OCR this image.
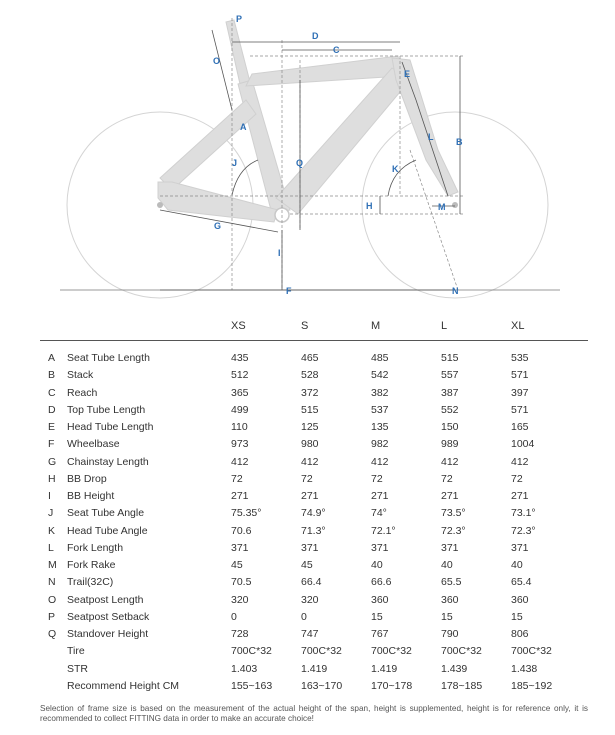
P
D
C
O
E
A
B
L
Q
J
K
H	M
G
I
F	N
XS	S	M	L	XL
A Seat Tube Length	435	465	485	515	535
B Stack	512	528	542	557	571
C Reach	365	372	382	387	397
D Top Tube Length	499	515	537	552	571
E Head Tube Length	110	125	135	150	165
F Wheelbase	973	980	982	989	1004
G Chainstay Length	412	412	412	412	412
H BB Drop	72	72	72	72	72
I BB Height	271	271	271	271	271
J Seat Tube Angle	75.35°	74.9°	74°	73.5°	73.1°
K Head Tube Angle	70.6	71.3°	72.1°	72.3°	72.3°
L Fork Length	371	371	371	371	371
M Fork Rake	45	45	40	40	40
N Trail(32C)	70.5	66.4	66.6	65.5	65.4
O Seatpost Length	320	320	360	360	360
P Seatpost Setback	0	0	15	15	15
Q Standover Height	728	747	767	790	806
Tire	700C*32	700C*32	700C*32	700C*32	700C*32
STR	1.403	1.419	1.419	1.439	1.438
Recommend Height CM	155~163	163~170	170~178	178~185	185~192
Selection of frame size is based on the measurement of the actual height of the span, height is supplemented, height is for reference only, it is recommended to collect FITTING data in order to make an accurate choice!
